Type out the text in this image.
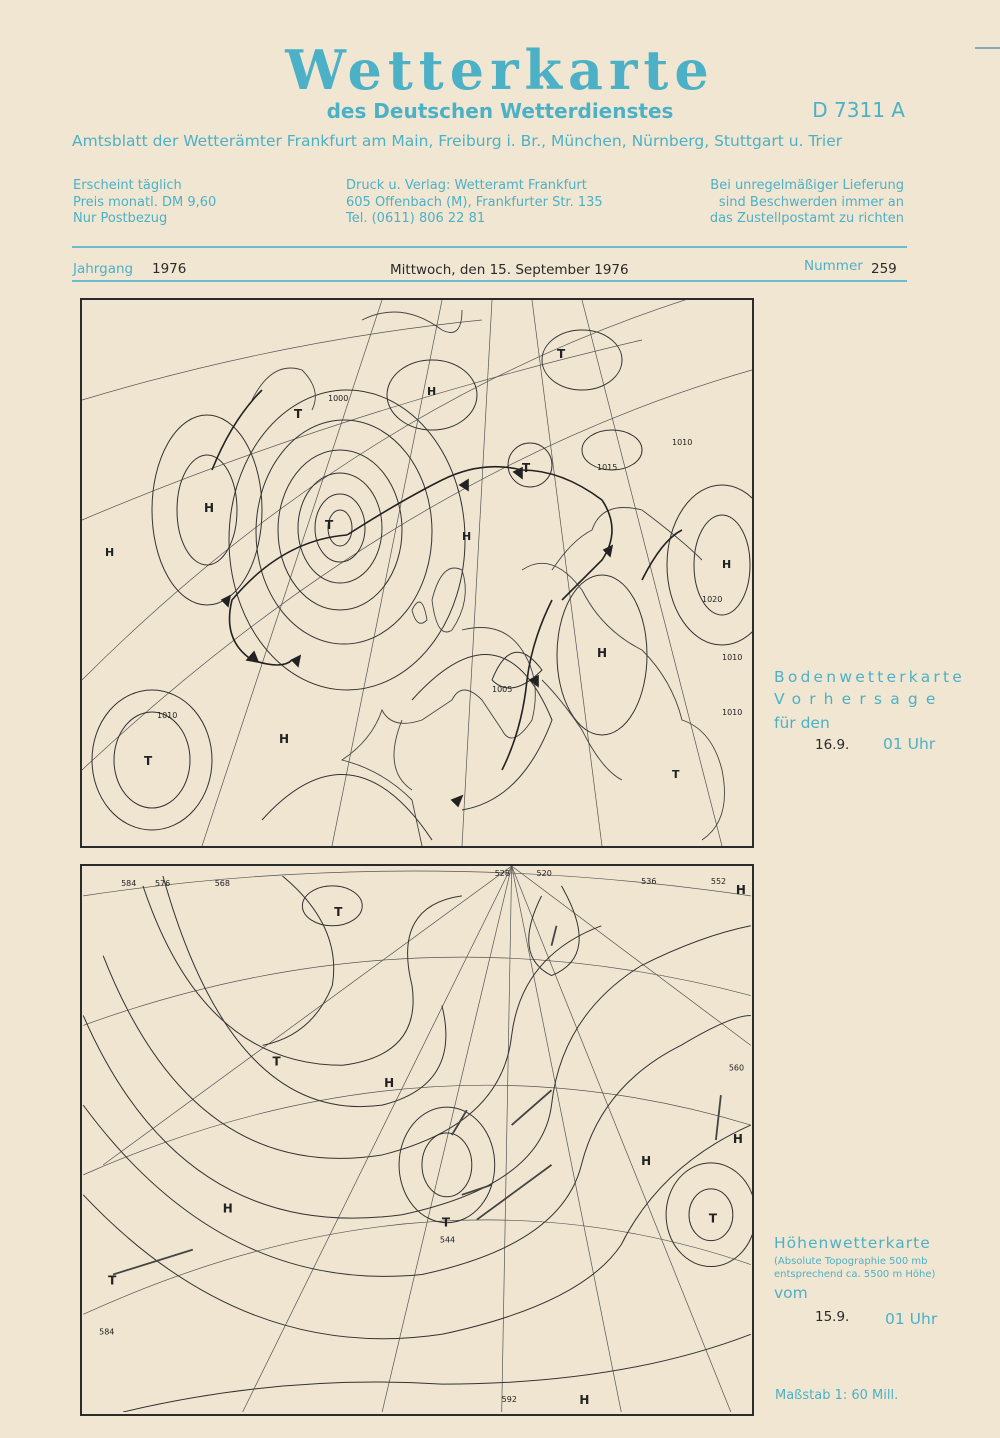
Wetterkarte
des Deutschen Wetterdienstes	D 7311 A
Amtsblatt der Wetterämter Frankfurt am Main, Freiburg i. Br., München, Nürnberg, Stuttgart u. Trier
Erscheint täglich
Preis monatl. DM 9,60
Nur Postbezug
Druck u. Verlag: Wetteramt Frankfurt
605 Offenbach (M), Frankfurter Str. 135
Tel. (0611) 806 22 81
Bei unregelmäßiger Lieferung
sind Beschwerden immer an
das Zustellpostamt zu richten
Jahrgang 1976	Mittwoch, den 15. September 1976	Nummer 259
H
H
H
H
H
H
H
T
T
T
T
T
T
1010
1010
1010
1010
1000
1020
1005
1015
Bodenwetterkarte
Vorhersage
für den
16.9. 01 Uhr
584 576	568
560
552
544
528	520
536
592
584
H
H
H
H
H
H
T
T
T	T
T
Höhenwetterkarte
(Absolute Topographie 500 mb
entsprechend ca. 5500 m Höhe)
vom
15.9. 01 Uhr
Maßstab 1: 60 Mill.
